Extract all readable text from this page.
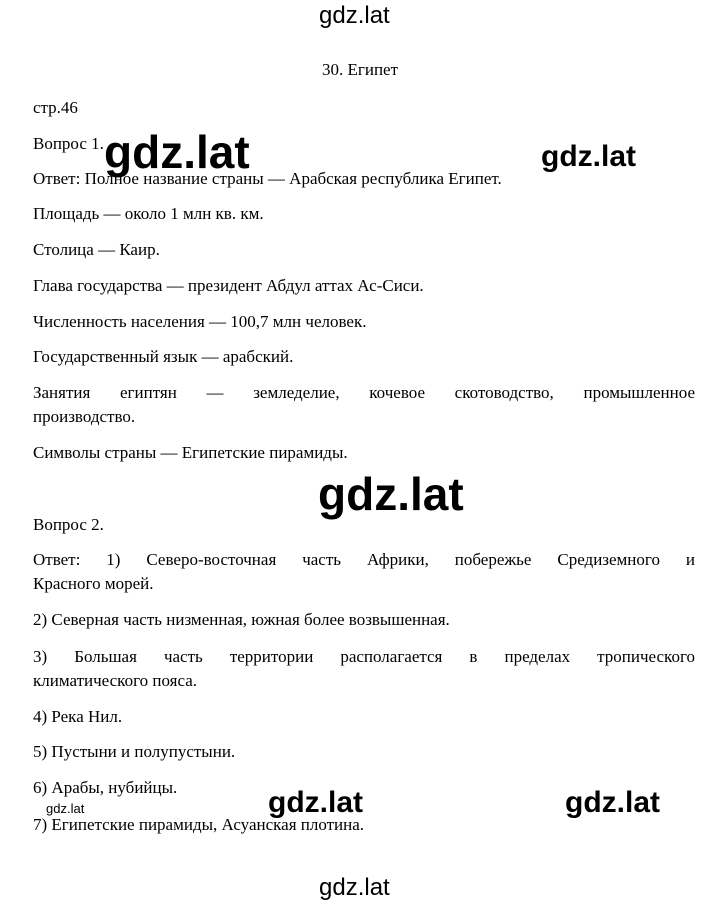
gdz.lat
gdz.lat
30. Египет
стр.46
Вопрос 1.
Ответ: Полное название страны — Арабская республика Египет.
Площадь — около 1 млн кв. км.
Столица — Каир.
Глава государства — президент Абдул аттах Ас-Сиси.
Численность населения — 100,7 млн человек.
Государственный язык — арабский.
Занятия египтян — земледелие, кочевое скотоводство, промышленное
производство.
Символы страны — Египетские пирамиды.
Вопрос 2.
Ответ: 1) Северо-восточная часть Африки, побережье Средиземного и
Красного морей.
2) Северная часть низменная, южная более возвышенная.
3) Большая часть территории располагается в пределах тропического
климатического пояса.
4) Река Нил.
5) Пустыни и полупустыни.
6) Арабы, нубийцы.
7) Египетские пирамиды, Асуанская плотина.
gdz.lat	gdz.lat
gdz.lat
gdz.lat	gdz.lat
gdz.lat
